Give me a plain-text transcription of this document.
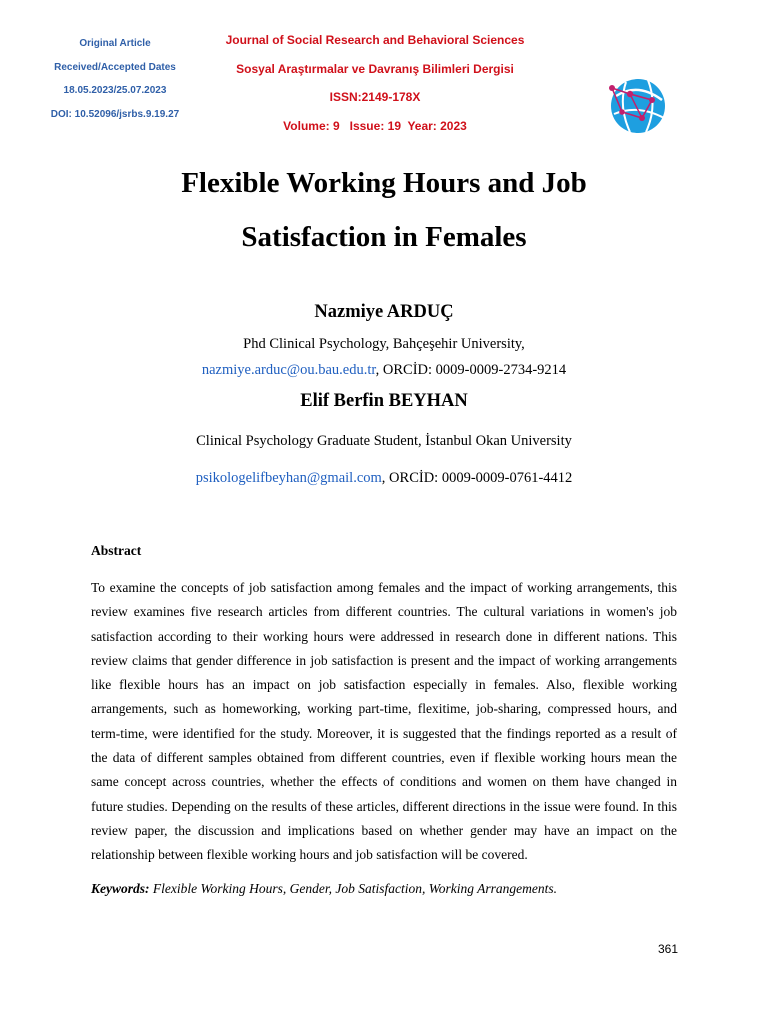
Original Article
Received/Accepted Dates
18.05.2023/25.07.2023
DOI: 10.52096/jsrbs.9.19.27
Journal of Social Research and Behavioral Sciences
Sosyal Araştırmalar ve Davranış Bilimleri Dergisi
ISSN:2149-178X
Volume: 9   Issue: 19  Year: 2023
Flexible Working Hours and Job
Satisfaction in Females
Nazmiye ARDUÇ
Phd Clinical Psychology, Bahçeşehir University,
nazmiye.arduc@ou.bau.edu.tr, ORCİD: 0009-0009-2734-9214
Elif Berfin BEYHAN
Clinical Psychology Graduate Student, İstanbul Okan University
psikologelifbeyhan@gmail.com, ORCİD: 0009-0009-0761-4412
Abstract

To examine the concepts of job satisfaction among females and the impact of working arrangements, this review examines five research articles from different countries. The cultural variations in women's job satisfaction according to their working hours were addressed in research done in different nations. This review claims that gender difference in job satisfaction is present and the impact of working arrangements like flexible hours has an impact on job satisfaction especially in females. Also, flexible working arrangements, such as homeworking, working part-time, flexitime, job-sharing, compressed hours, and term-time, were identified for the study. Moreover, it is suggested that the findings reported as a result of the data of different samples obtained from different countries, even if flexible working hours mean the same concept across countries, whether the effects of conditions and women on them have changed in future studies. Depending on the results of these articles, different directions in the issue were found. In this review paper, the discussion and implications based on whether gender may have an impact on the relationship between flexible working hours and job satisfaction will be covered.

Keywords: Flexible Working Hours, Gender, Job Satisfaction, Working Arrangements.
361
